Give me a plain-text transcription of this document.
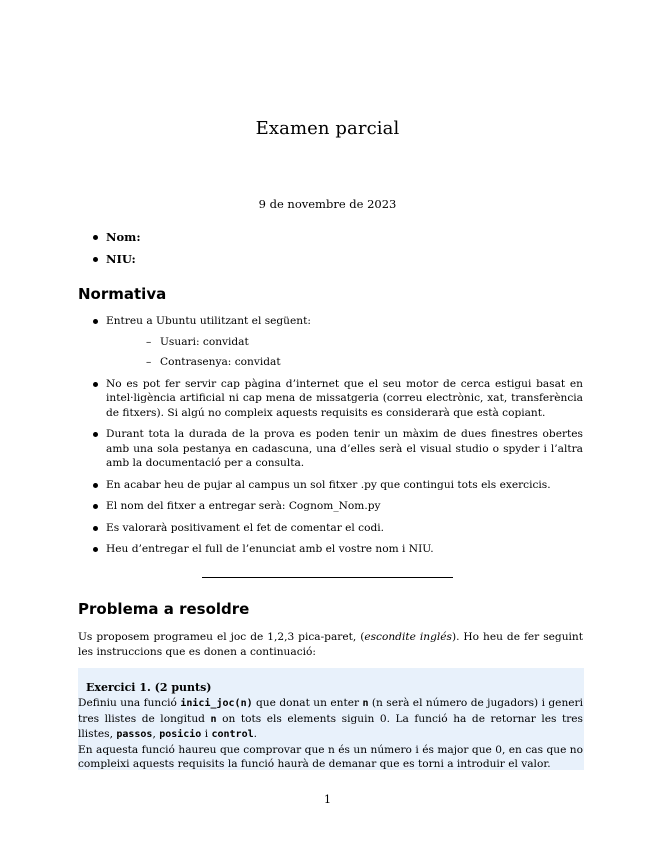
Examen parcial
9 de novembre de 2023
Nom:
NIU:
Normativa
Entreu a Ubuntu utilitzant el següent:
– Usuari: convidat
– Contrasenya: convidat
No es pot fer servir cap pàgina d’internet que el seu motor de cerca estigui basat en intel·ligència artificial ni cap mena de missatgeria (correu electrònic, xat, transferència de fitxers). Si algú no compleix aquests requisits es considerarà que està copiant.
Durant tota la durada de la prova es poden tenir un màxim de dues finestres obertes amb una sola pestanya en cadascuna, una d’elles serà el visual studio o spyder i l’altra amb la documentació per a consulta.
En acabar heu de pujar al campus un sol fitxer .py que contingui tots els exercicis.
El nom del fitxer a entregar serà: Cognom_Nom.py
Es valorarà positivament el fet de comentar el codi.
Heu d’entregar el full de l’enunciat amb el vostre nom i NIU.
Problema a resoldre
Us proposem programeu el joc de 1,2,3 pica-paret, (escondite inglés). Ho heu de fer seguint les instruccions que es donen a continuació:
Exercici 1. (2 punts)
Definiu una funció inici_joc(n) que donat un enter n (n serà el número de jugadors) i generi tres llistes de longitud n on tots els elements siguin 0. La funció ha de retornar les tres llistes, passos, posicio i control.
En aquesta funció haureu que comprovar que n és un número i és major que 0, en cas que no compleixi aquests requisits la funció haurà de demanar que es torni a introduir el valor.
1
